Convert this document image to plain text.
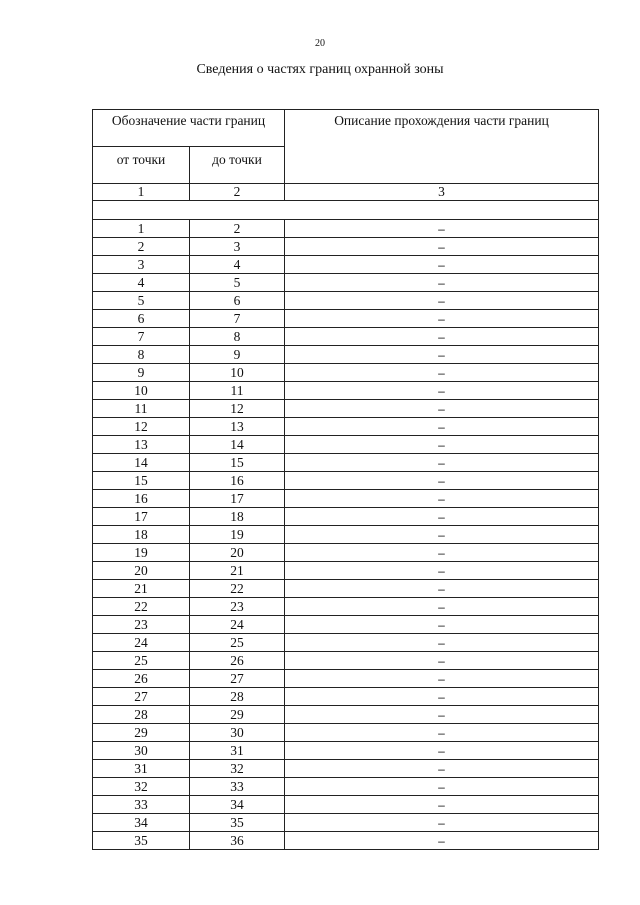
20
Сведения о частях границ охранной зоны
Обозначение части границ		Описание прохождения части границ
от точки	до точки	
1	2	3

1	2	–
2	3	–
3	4	–
4	5	–
5	6	–
6	7	–
7	8	–
8	9	–
9	10	–
10	11	–
11	12	–
12	13	–
13	14	–
14	15	–
15	16	–
16	17	–
17	18	–
18	19	–
19	20	–
20	21	–
21	22	–
22	23	–
23	24	–
24	25	–
25	26	–
26	27	–
27	28	–
28	29	–
29	30	–
30	31	–
31	32	–
32	33	–
33	34	–
34	35	–
35	36	–
